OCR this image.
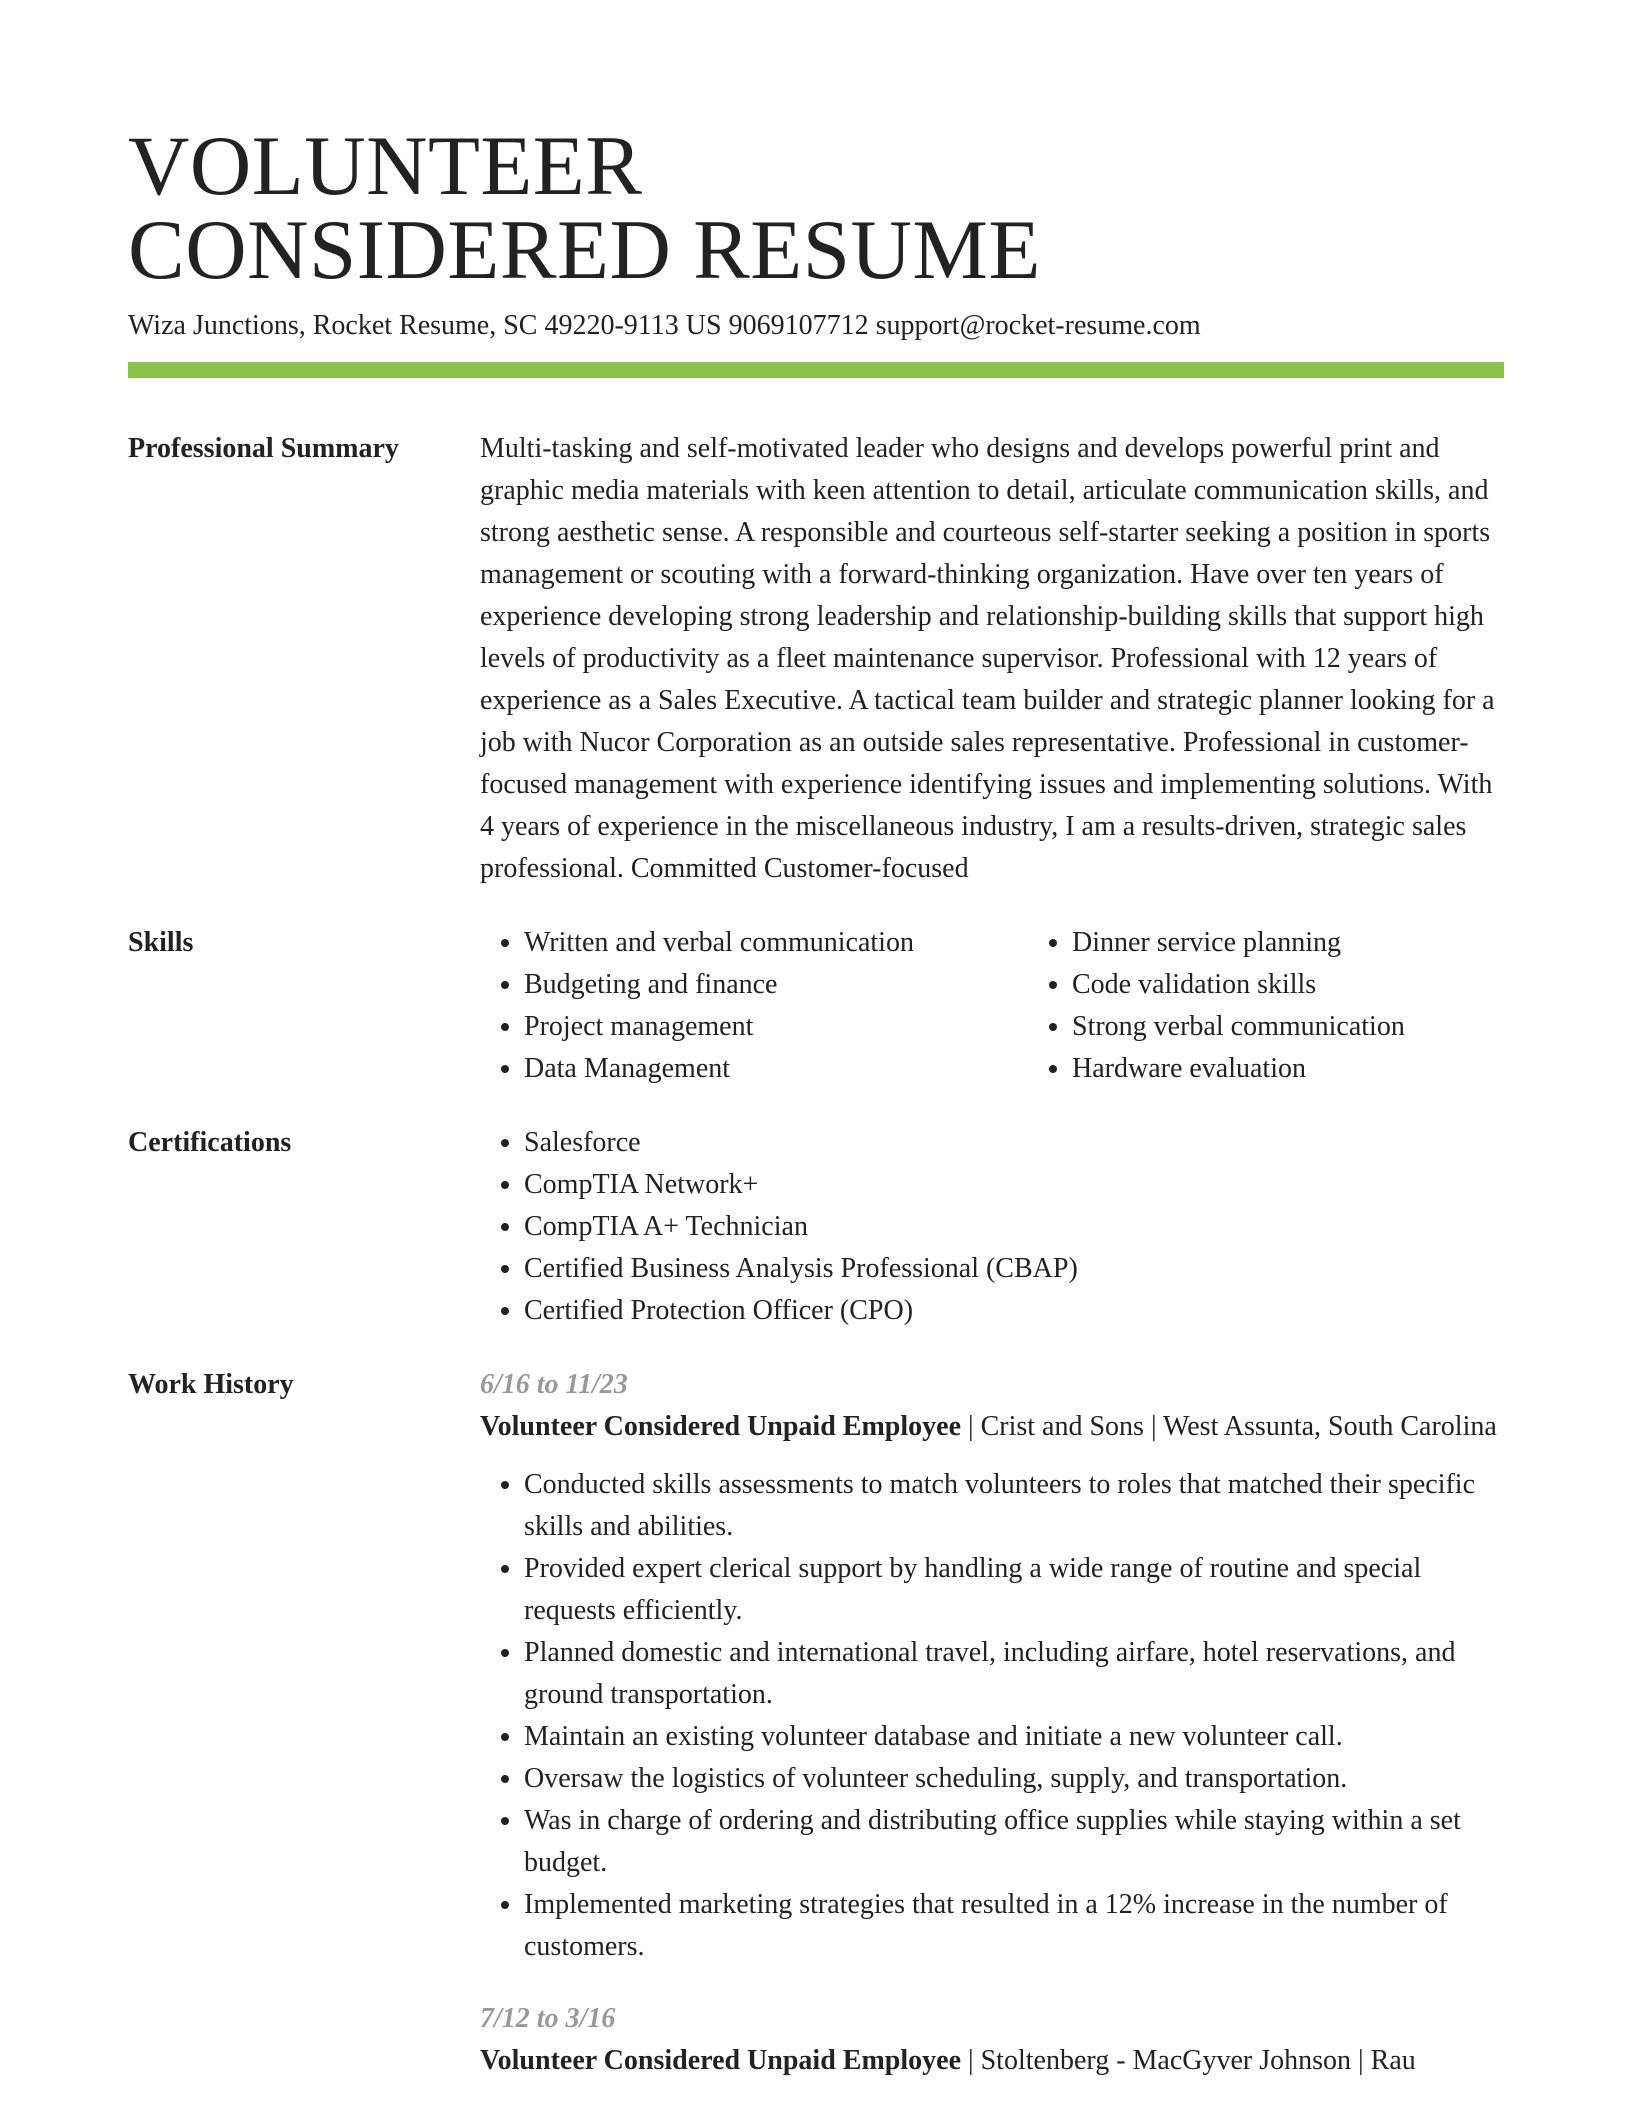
VOLUNTEER
CONSIDERED RESUME
Wiza Junctions, Rocket Resume, SC 49220-9113 US 9069107712 support@rocket-resume.com
Professional Summary	Multi-tasking and self-motivated leader who designs and develops powerful print and graphic media materials with keen attention to detail, articulate communication skills, and strong aesthetic sense. A responsible and courteous self-starter seeking a position in sports management or scouting with a forward-thinking organization. Have over ten years of experience developing strong leadership and relationship-building skills that support high levels of productivity as a fleet maintenance supervisor. Professional with 12 years of experience as a Sales Executive. A tactical team builder and strategic planner looking for a job with Nucor Corporation as an outside sales representative. Professional in customer-focused management with experience identifying issues and implementing solutions. With 4 years of experience in the miscellaneous industry, I am a results-driven, strategic sales professional. Committed Customer-focused

Skills	• Written and verbal communication
• Budgeting and finance
• Project management
• Data Management
• Dinner service planning
• Code validation skills
• Strong verbal communication
• Hardware evaluation
Certifications	• Salesforce
• CompTIA Network+
• CompTIA A+ Technician
• Certified Business Analysis Professional (CBAP)
• Certified Protection Officer (CPO)
Work History	6/16 to 11/23

Volunteer Considered Unpaid Employee | Crist and Sons | West Assunta, South Carolina

• Conducted skills assessments to match volunteers to roles that matched their specific skills and abilities.
• Provided expert clerical support by handling a wide range of routine and special requests efficiently.
• Planned domestic and international travel, including airfare, hotel reservations, and ground transportation.
• Maintain an existing volunteer database and initiate a new volunteer call.
• Oversaw the logistics of volunteer scheduling, supply, and transportation.
• Was in charge of ordering and distributing office supplies while staying within a set budget.
• Implemented marketing strategies that resulted in a 12% increase in the number of customers.
7/12 to 3/16

Volunteer Considered Unpaid Employee | Stoltenberg - MacGyver Johnson | Rau
